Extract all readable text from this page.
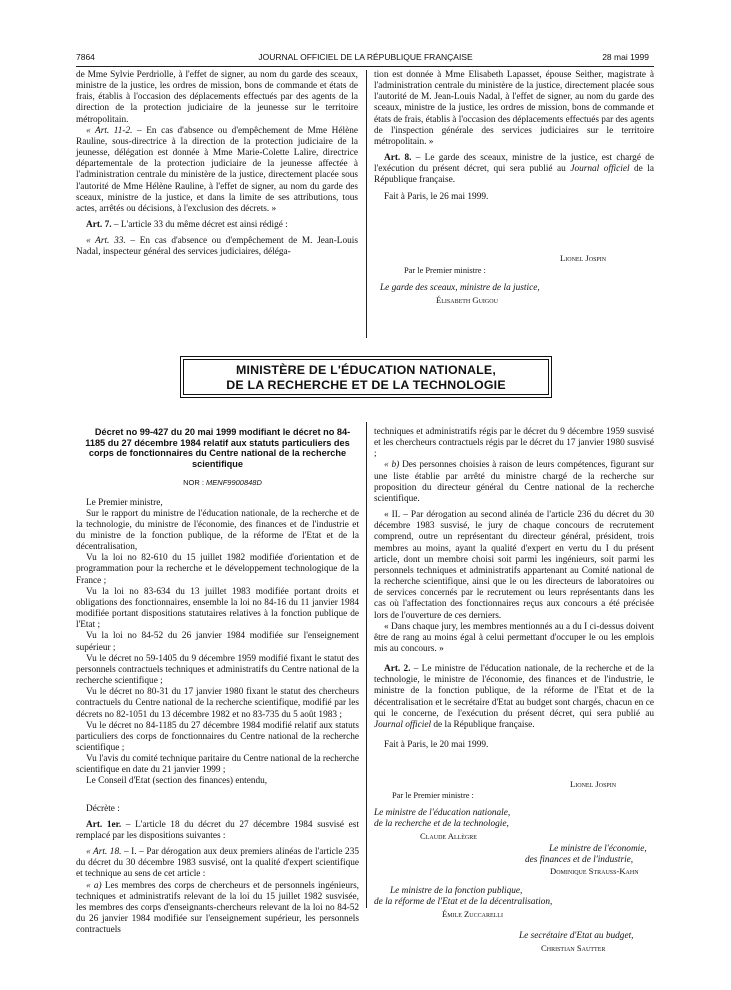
7864	JOURNAL OFFICIEL DE LA RÉPUBLIQUE FRANÇAISE	28 mai 1999

de Mme Sylvie Perdriolle, à l'effet de signer, au nom du garde des sceaux, ministre de la justice, les ordres de mission, bons de commande et états de frais, établis à l'occasion des déplacements effectués par des agents de la direction de la protection judiciaire de la jeunesse sur le territoire métropolitain.

« Art. 11-2. – En cas d'absence ou d'empêchement de Mme Hélène Rauline, sous-directrice à la direction de la protection judiciaire de la jeunesse, délégation est donnée à Mme Marie-Colette Lalire, directrice départementale de la protection judiciaire de la jeunesse affectée à l'administration centrale du ministère de la justice, directement placée sous l'autorité de Mme Hélène Rauline, à l'effet de signer, au nom du garde des sceaux, ministre de la justice, et dans la limite de ses attributions, tous actes, arrêtés ou décisions, à l'exclusion des décrets. »

Art. 7. – L'article 33 du même décret est ainsi rédigé :

« Art. 33. – En cas d'absence ou d'empêchement de M. Jean-Louis Nadal, inspecteur général des services judiciaires, déléga-

tion est donnée à Mme Elisabeth Lapasset, épouse Seither, magistrate à l'administration centrale du ministère de la justice, directement placée sous l'autorité de M. Jean-Louis Nadal, à l'effet de signer, au nom du garde des sceaux, ministre de la justice, les ordres de mission, bons de commande et états de frais, établis à l'occasion des déplacements effectués par des agents de l'inspection générale des services judiciaires sur le territoire métropolitain. »

Art. 8. – Le garde des sceaux, ministre de la justice, est chargé de l'exécution du présent décret, qui sera publié au Journal officiel de la République française.

Fait à Paris, le 26 mai 1999.

Lionel Jospin
Par le Premier ministre :
Le garde des sceaux, ministre de la justice,
Élisabeth Guigou
MINISTÈRE DE L'ÉDUCATION NATIONALE,
DE LA RECHERCHE ET DE LA TECHNOLOGIE

Décret no 99-427 du 20 mai 1999 modifiant le décret no 84-1185 du 27 décembre 1984 relatif aux statuts particuliers des corps de fonctionnaires du Centre national de la recherche scientifique

NOR : MENF9900848D

Le Premier ministre,

Sur le rapport du ministre de l'éducation nationale, de la recherche et de la technologie, du ministre de l'économie, des finances et de l'industrie et du ministre de la fonction publique, de la réforme de l'Etat et de la décentralisation,

Vu la loi no 82-610 du 15 juillet 1982 modifiée d'orientation et de programmation pour la recherche et le développement technologique de la France ;

Vu la loi no 83-634 du 13 juillet 1983 modifiée portant droits et obligations des fonctionnaires, ensemble la loi no 84-16 du 11 janvier 1984 modifiée portant dispositions statutaires relatives à la fonction publique de l'Etat ;

Vu la loi no 84-52 du 26 janvier 1984 modifiée sur l'enseignement supérieur ;

Vu le décret no 59-1405 du 9 décembre 1959 modifié fixant le statut des personnels contractuels techniques et administratifs du Centre national de la recherche scientifique ;

Vu le décret no 80-31 du 17 janvier 1980 fixant le statut des chercheurs contractuels du Centre national de la recherche scientifique, modifié par les décrets no 82-1051 du 13 décembre 1982 et no 83-735 du 5 août 1983 ;

Vu le décret no 84-1185 du 27 décembre 1984 modifié relatif aux statuts particuliers des corps de fonctionnaires du Centre national de la recherche scientifique ;

Vu l'avis du comité technique paritaire du Centre national de la recherche scientifique en date du 21 janvier 1999 ;

Le Conseil d'Etat (section des finances) entendu,

Décrète :

Art. 1er. – L'article 18 du décret du 27 décembre 1984 susvisé est remplacé par les dispositions suivantes :

« Art. 18. – I. – Par dérogation aux deux premiers alinéas de l'article 235 du décret du 30 décembre 1983 susvisé, ont la qualité d'expert scientifique et technique au sens de cet article :

« a) Les membres des corps de chercheurs et de personnels ingénieurs, techniques et administratifs relevant de la loi du 15 juillet 1982 susvisée, les membres des corps d'enseignants-chercheurs relevant de la loi no 84-52 du 26 janvier 1984 modifiée sur l'enseignement supérieur, les personnels contractuels

techniques et administratifs régis par le décret du 9 décembre 1959 susvisé et les chercheurs contractuels régis par le décret du 17 janvier 1980 susvisé ;

« b) Des personnes choisies à raison de leurs compétences, figurant sur une liste établie par arrêté du ministre chargé de la recherche sur proposition du directeur général du Centre national de la recherche scientifique.

« II. – Par dérogation au second alinéa de l'article 236 du décret du 30 décembre 1983 susvisé, le jury de chaque concours de recrutement comprend, outre un représentant du directeur général, président, trois membres au moins, ayant la qualité d'expert en vertu du I du présent article, dont un membre choisi soit parmi les ingénieurs, soit parmi les personnels techniques et administratifs appartenant au Comité national de la recherche scientifique, ainsi que le ou les directeurs de laboratoires ou de services concernés par le recrutement ou leurs représentants dans les cas où l'affectation des fonctionnaires reçus aux concours a été précisée lors de l'ouverture de ces derniers.

« Dans chaque jury, les membres mentionnés au a du I ci-dessus doivent être de rang au moins égal à celui permettant d'occuper le ou les emplois mis au concours. »

Art. 2. – Le ministre de l'éducation nationale, de la recherche et de la technologie, le ministre de l'économie, des finances et de l'industrie, le ministre de la fonction publique, de la réforme de l'Etat et de la décentralisation et le secrétaire d'Etat au budget sont chargés, chacun en ce qui le concerne, de l'exécution du présent décret, qui sera publié au Journal officiel de la République française.

Fait à Paris, le 20 mai 1999.

Lionel Jospin
Par le Premier ministre :
Le ministre de l'éducation nationale,
de la recherche et de la technologie,
Claude Allègre
Le ministre de l'économie,
des finances et de l'industrie,
Dominique Strauss-Kahn
Le ministre de la fonction publique,
de la réforme de l'Etat et de la décentralisation,
Émile Zuccarelli
Le secrétaire d'Etat au budget,
Christian Sautter
